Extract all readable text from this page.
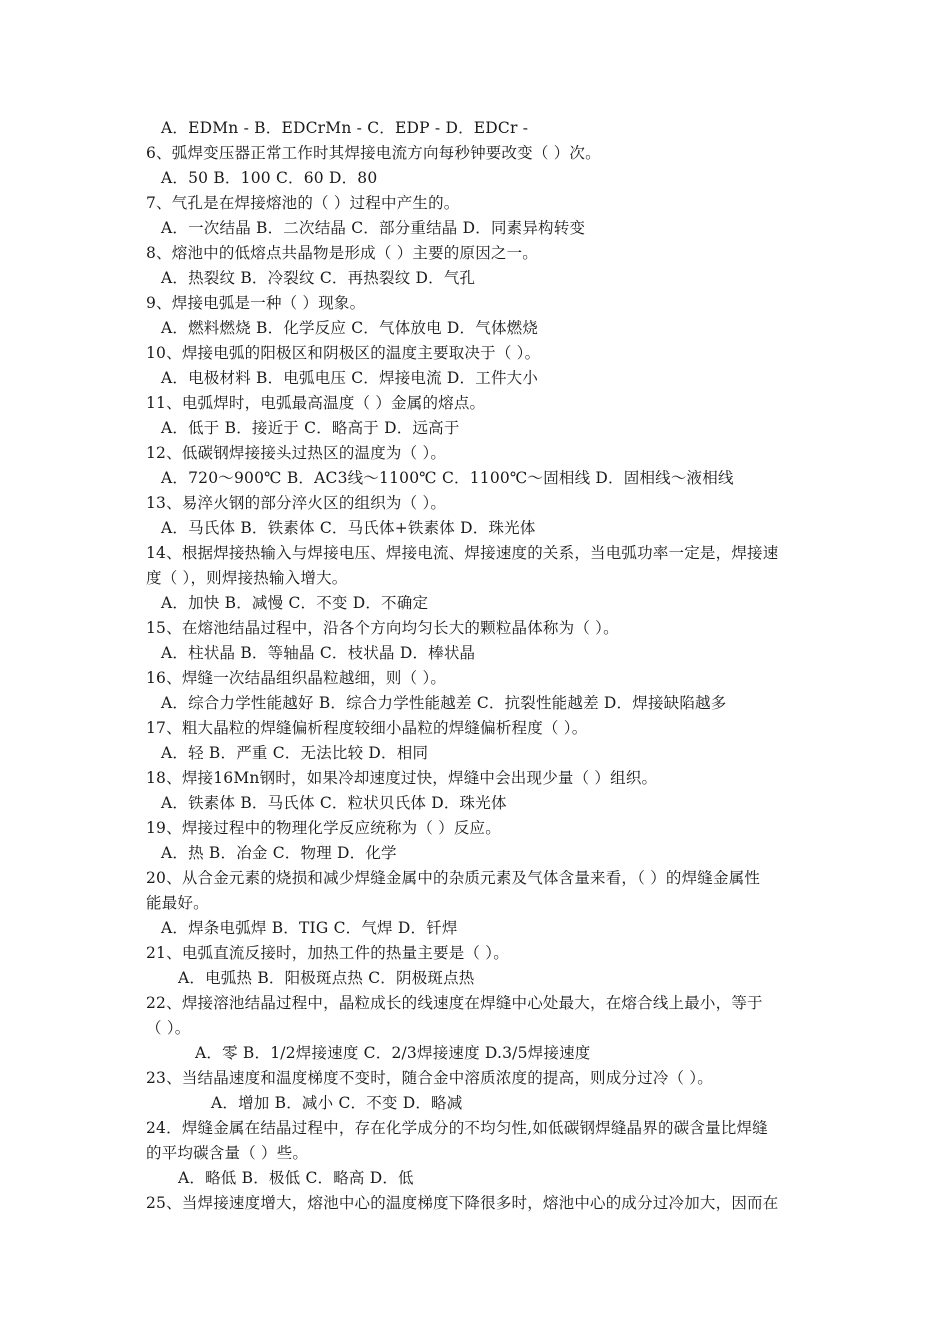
A．EDMn - B．EDCrMn - C．EDP - D．EDCr -
6、弧焊变压器正常工作时其焊接电流方向每秒钟要改变（ ）次。
A．50 B．100 C．60 D．80
7、气孔是在焊接熔池的（ ）过程中产生的。
A．一次结晶 B．二次结晶 C．部分重结晶 D．同素异构转变
8、熔池中的低熔点共晶物是形成（ ）主要的原因之一。
A．热裂纹 B．冷裂纹 C．再热裂纹 D．气孔
9、焊接电弧是一种（ ）现象。
A．燃料燃烧 B．化学反应 C．气体放电 D．气体燃烧
10、焊接电弧的阳极区和阴极区的温度主要取决于（ ）。
A．电极材料 B．电弧电压 C．焊接电流 D．工件大小
11、电弧焊时，电弧最高温度（ ）金属的熔点。
A．低于 B．接近于 C．略高于 D．远高于
12、低碳钢焊接接头过热区的温度为（ ）。
A．720～900℃ B．AC3线～1100℃ C．1100℃～固相线 D．固相线～液相线
13、易淬火钢的部分淬火区的组织为（ ）。
A．马氏体 B．铁素体 C．马氏体+铁素体 D．珠光体
14、根据焊接热输入与焊接电压、焊接电流、焊接速度的关系，当电弧功率一定是，焊接速
度（ ），则焊接热输入增大。
A．加快 B．减慢 C．不变 D．不确定
15、在熔池结晶过程中，沿各个方向均匀长大的颗粒晶体称为（ ）。
A．柱状晶 B．等轴晶 C．枝状晶 D．棒状晶
16、焊缝一次结晶组织晶粒越细，则（ ）。
A．综合力学性能越好 B．综合力学性能越差 C．抗裂性能越差 D．焊接缺陷越多
17、粗大晶粒的焊缝偏析程度较细小晶粒的焊缝偏析程度（ ）。
A．轻 B．严重 C．无法比较 D．相同
18、焊接16Mn钢时，如果冷却速度过快，焊缝中会出现少量（ ）组织。
A．铁素体 B．马氏体 C．粒状贝氏体 D．珠光体
19、焊接过程中的物理化学反应统称为（ ）反应。
A．热 B．冶金 C．物理 D．化学
20、从合金元素的烧损和减少焊缝金属中的杂质元素及气体含量来看，（ ）的焊缝金属性
能最好。
A．焊条电弧焊 B．TIG C．气焊 D．钎焊
21、电弧直流反接时，加热工件的热量主要是（ ）。
A．电弧热 B．阳极斑点热 C．阴极斑点热
22、焊接溶池结晶过程中，晶粒成长的线速度在焊缝中心处最大，在熔合线上最小，等于
（ ）。
A．零 B．1/2焊接速度 C．2/3焊接速度 D.3/5焊接速度
23、当结晶速度和温度梯度不变时，随合金中溶质浓度的提高，则成分过冷（ ）。
A．增加 B．减小 C．不变 D．略减
24．焊缝金属在结晶过程中，存在化学成分的不均匀性,如低碳钢焊缝晶界的碳含量比焊缝
的平均碳含量（ ）些。
A．略低 B．极低 C．略高 D．低
25、当焊接速度增大，熔池中心的温度梯度下降很多时，熔池中心的成分过冷加大，因而在
